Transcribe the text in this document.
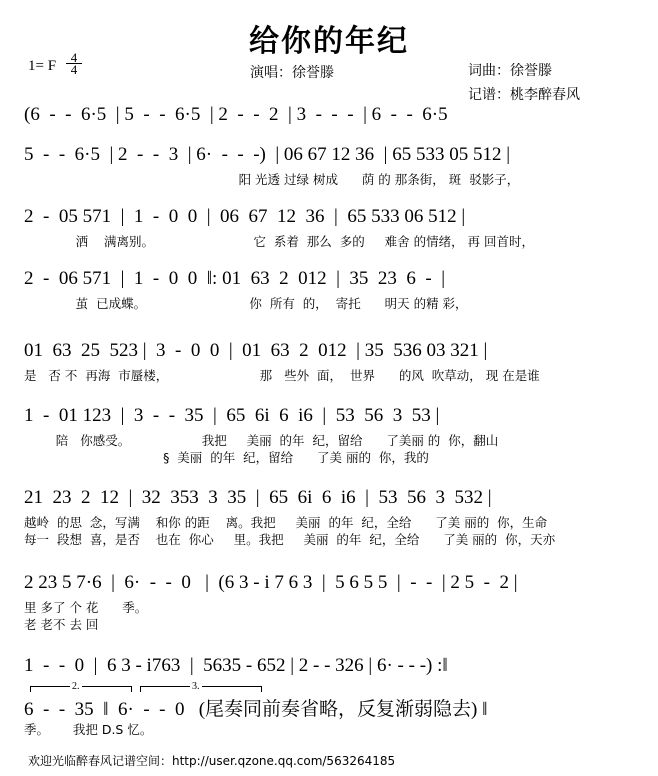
给你的年纪
1= F $\frac{4}{4}$	演唱：徐誉滕	词曲：徐誉滕
记谱：桃李醉春风
(6  -  -  6·5  | 5  -  -  6·5  | 2  -  -  2  | 3  -  -  -  | 6  -  -  6·5
5  -  -  6·5  | 2  -  -  3  | 6·  -  -  -)  | 06 67 12 36  | 65 533 05 512 |
阳 光透 过绿 树成      荫 的 那条街， 斑  驳影子，
2  -  05 571  |  1  -  0  0  |  06  67  12  36  |  65 533 06 512 |
洒    满离别。                         它  系着  那么  多的     难舍 的情绪， 再 回首时，
2  -  06 571  |  1  -  0  0  ‖: 01  63  2  012  |  35  23  6  -  |
茧  已成蝶。                          你  所有  的，  寄托      明天 的精 彩，
01  63  25  523 |  3  -  0  0  |  01  63  2  012  | 35  536 03 321 |
是   否 不  再海  市蜃楼，                       那   些外  面，  世界      的风  吹草动， 现 在是谁
1  -  01 123  |  3  -  -  35  |  65  6i  6  i6  |  53  56  3  53 |
陪   你感受。                  我把     美丽  的年  纪，留给      了美丽 的  你，翻山
§  美丽  的年  纪，留给      了美 丽的  你，我的
21  23  2  12  |  32  353  3  35  |  65  6i  6  i6  |  53  56  3  532 |
越岭  的思  念，写满    和你 的距    离。我把     美丽  的年  纪，全给      了美 丽的  你，生命
每一  段想  喜，是否    也在  你心     里。我把     美丽  的年  纪，全给      了美 丽的  你，天亦
2 23 5 7·6  |  6·  -  -  0   |  (6 3 - i 7 6 3  |  5 6 5 5  |  -  -  | 2 5  -  2 |
里 多了 个 花      季。
老 老不 去 回
1  -  -  0  |  6 3 - i763  |  5635 - 652 | 2 - - 326 | 6· - - -) :‖
2.	3.
6  -  -  35  ‖  6·  -  -  0   (尾奏同前奏省略，反复渐弱隐去) ‖
季。      我把 D.S 忆。
欢迎光临醉春风记谱空间：http://user.qzone.qq.com/563264185
